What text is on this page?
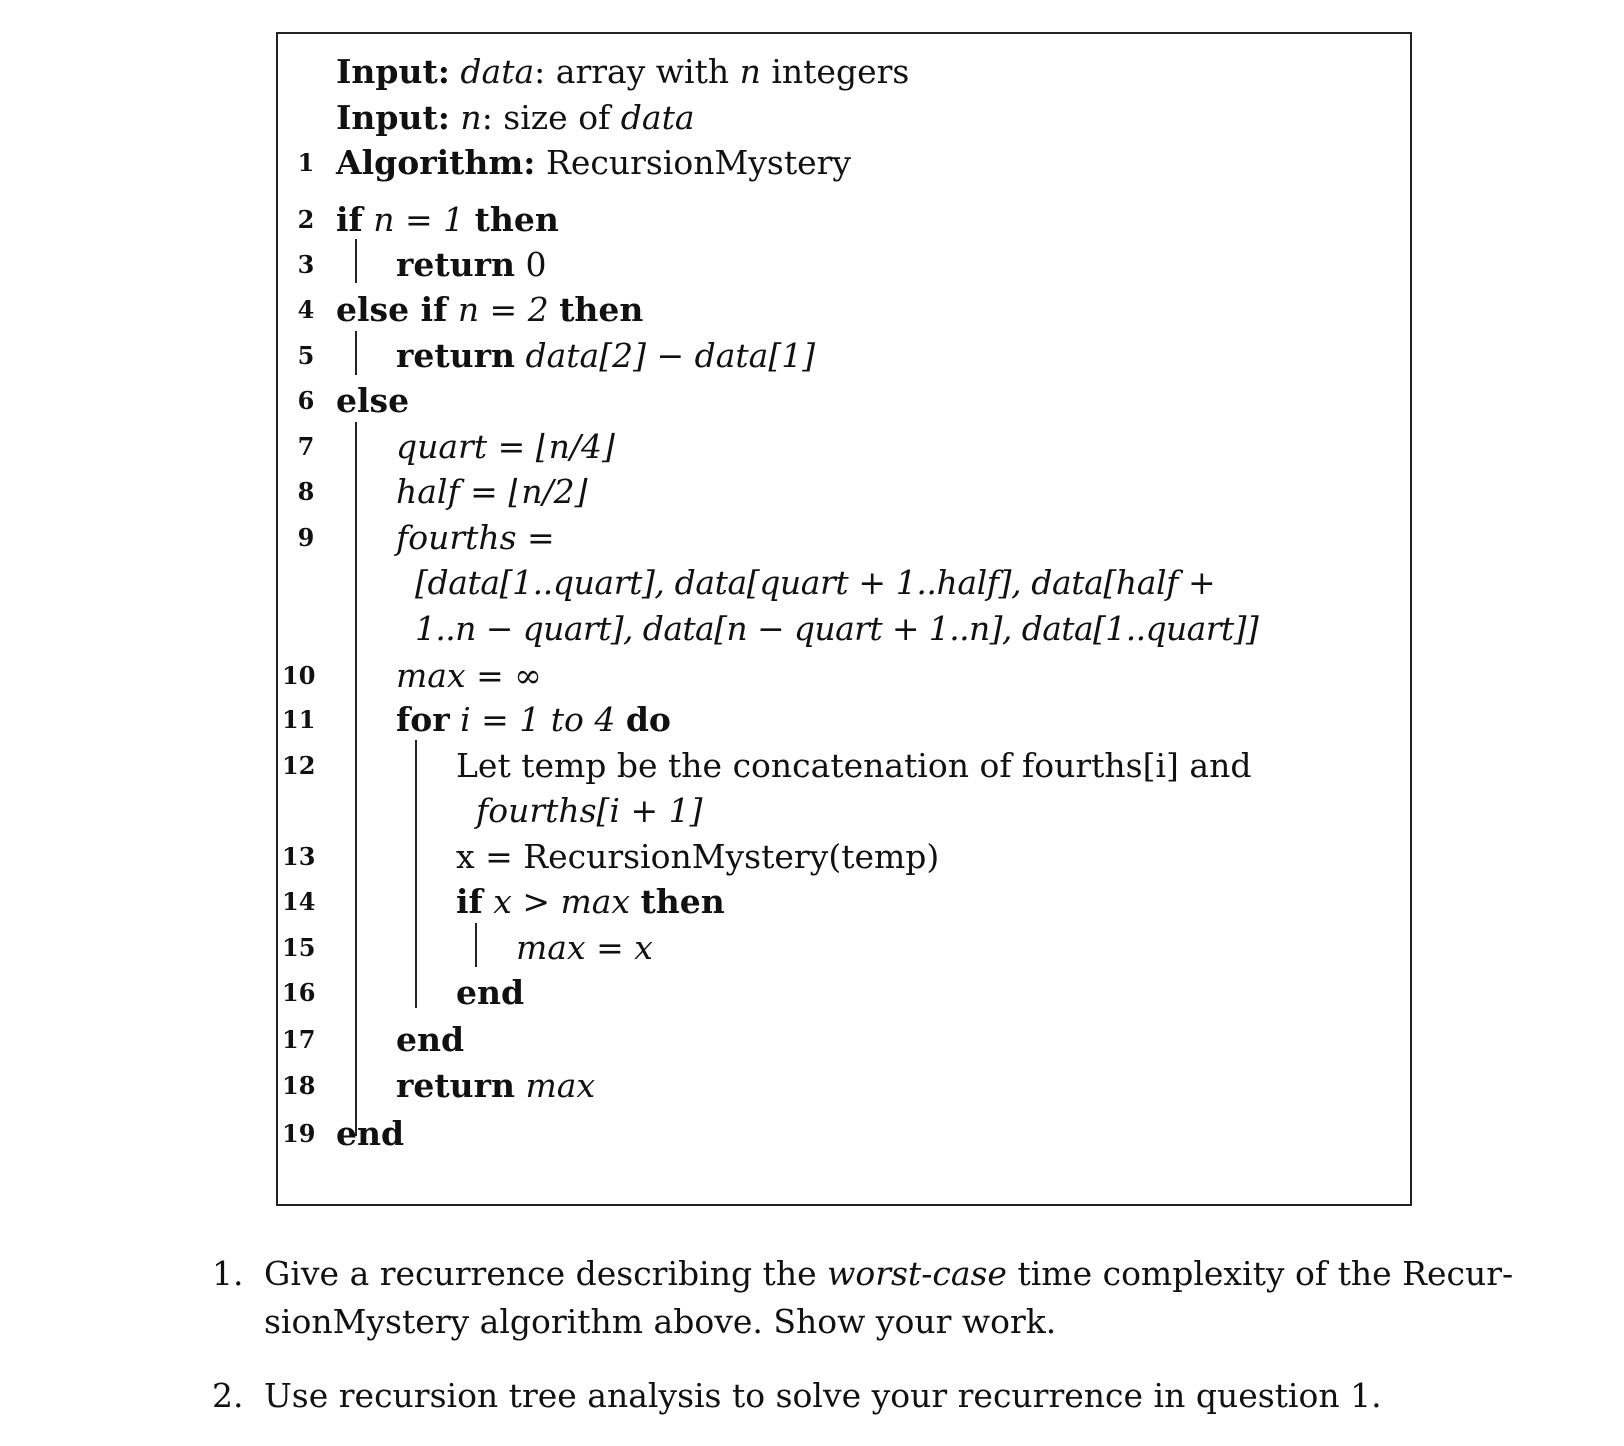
Input: data: array with n integers
Input: n: size of data
1 Algorithm: RecursionMystery
2 if n = 1 then
3	return 0
4 else if n = 2 then
5	return data[2] − data[1]
6 else
7	quart = ⌊n/4⌋
8	half = ⌊n/2⌋
9	fourths =
[data[1..quart], data[quart + 1..half], data[half +
1..n − quart], data[n − quart + 1..n], data[1..quart]]
10 max = ∞
11 for i = 1 to 4 do
12	Let temp be the concatenation of fourths[i] and
fourths[i + 1]
13	x = RecursionMystery(temp)
14	if x > max then
15	max = x
16	end
17 end
18 return max
19 end
1. Give a recurrence describing the worst-case time complexity of the Recur-
sionMystery algorithm above. Show your work.
2. Use recursion tree analysis to solve your recurrence in question 1.
